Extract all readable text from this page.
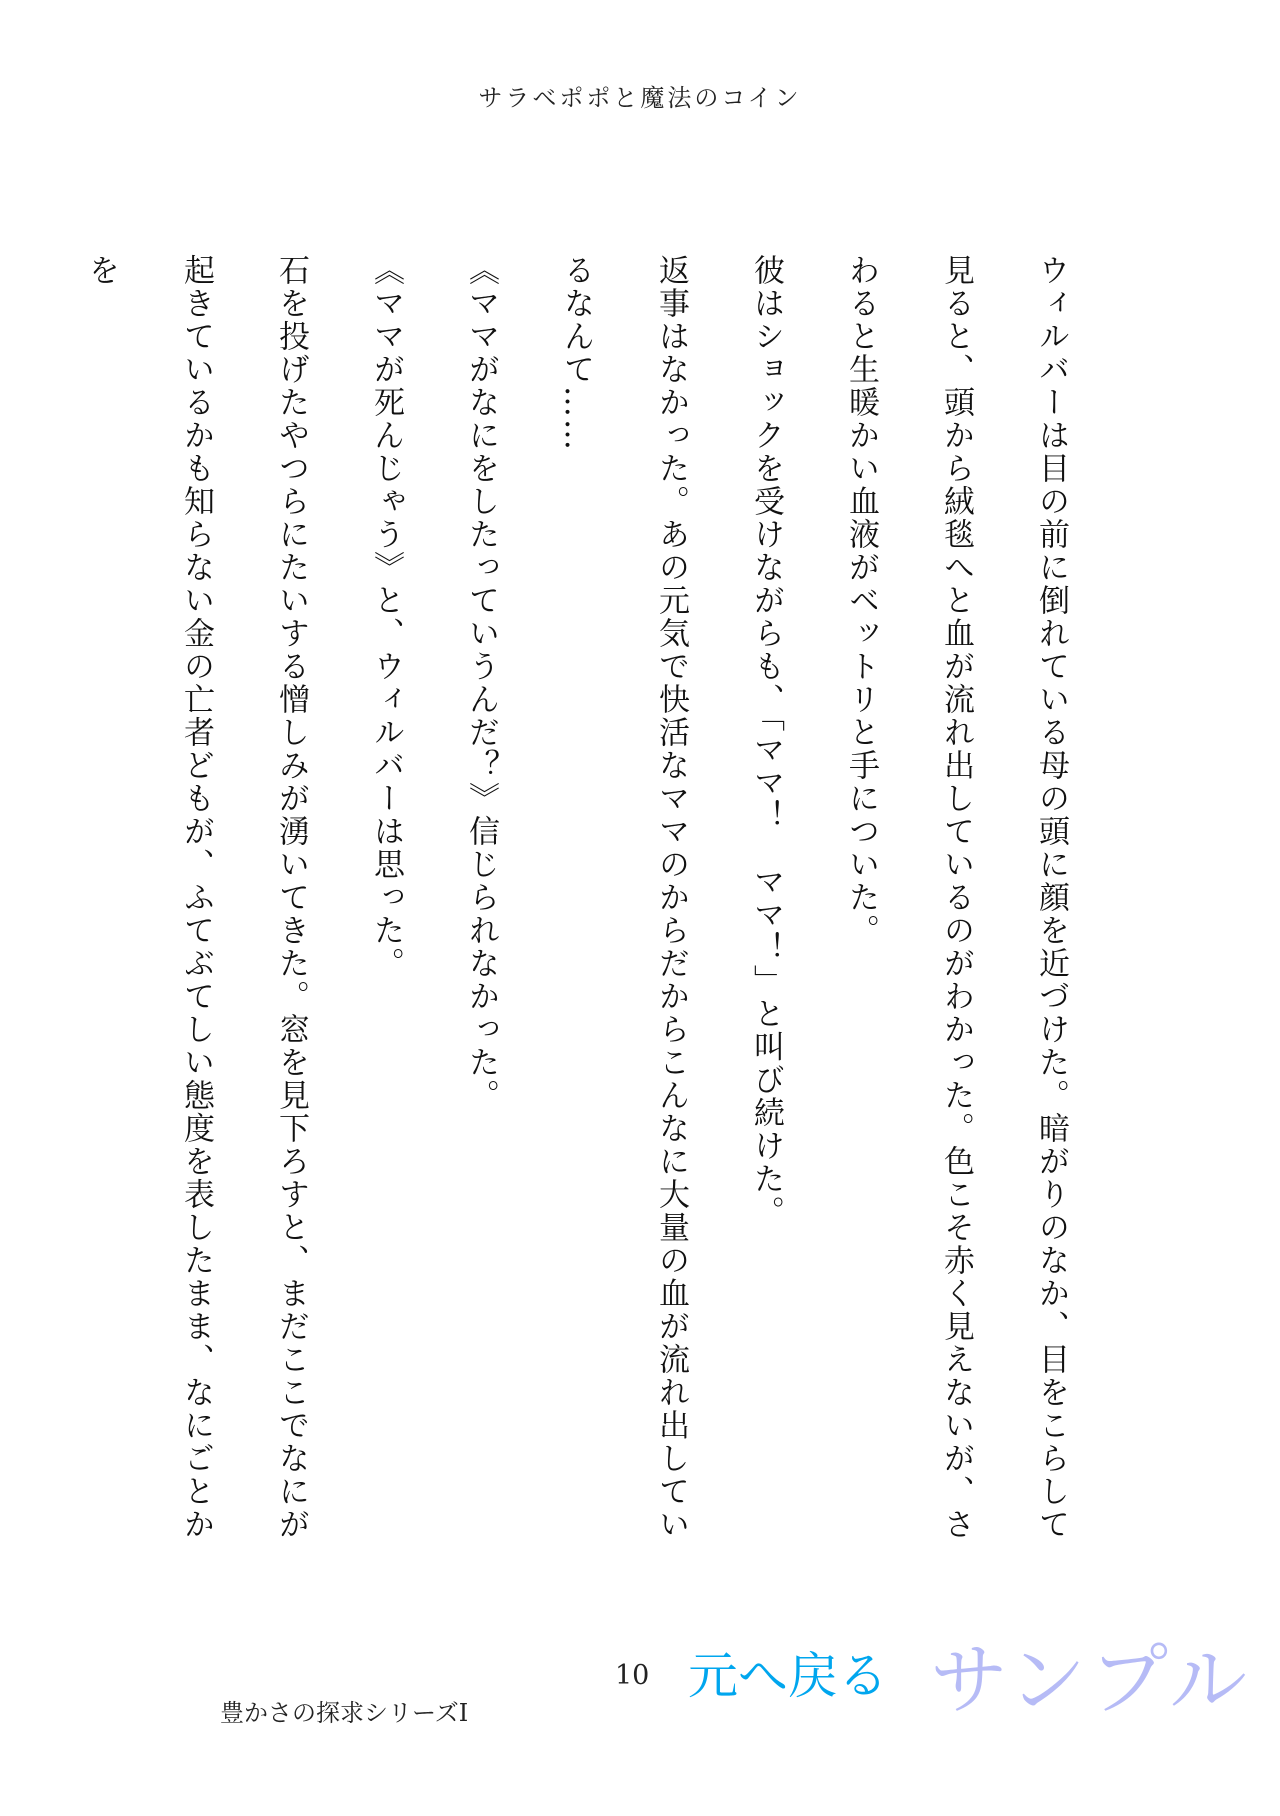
サラベポポと魔法のコイン

ウィルバーは目の前に倒れている母の頭に顔を近づけた。暗がりのなか、目をこらして見ると、頭から絨毯へと血が流れ出しているのがわかった。色こそ赤く見えないが、さわると生暖かい血液がベットリと手についた。

彼はショックを受けながらも、「ママ！　ママ！」と叫び続けた。

返事はなかった。あの元気で快活なママのからだからこんなに大量の血が流れ出しているなんて……

《ママがなにをしたっていうんだ？》信じられなかった。

《ママが死んじゃう》と、ウィルバーは思った。

石を投げたやつらにたいする憎しみが湧いてきた。窓を見下ろすと、まだここでなにが起きているかも知らない金の亡者どもが、ふてぶてしい態度を表したまま、なにごとかを

10 元へ戻る サンプル
豊かさの探求シリーズⅠ
